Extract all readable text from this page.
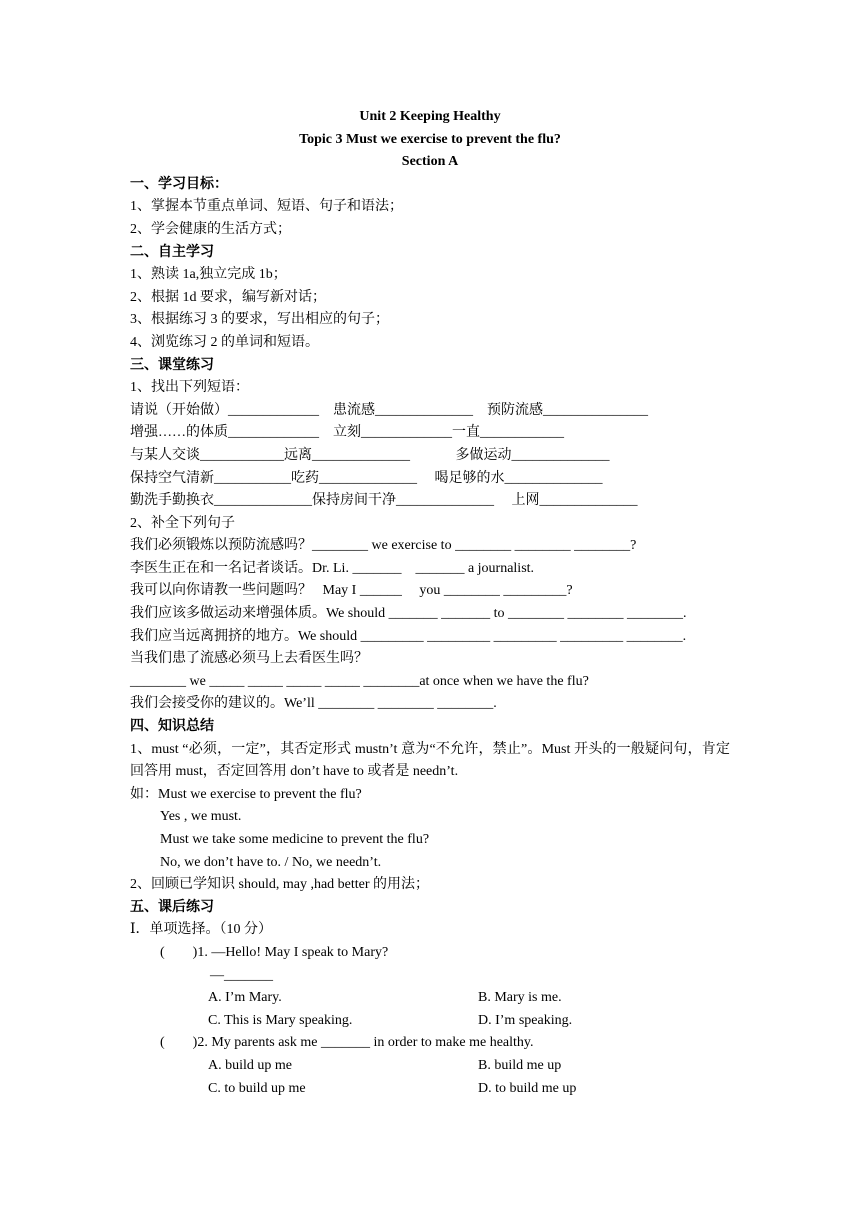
Unit 2 Keeping Healthy
Topic 3 Must we exercise to prevent the flu?
Section A
一、学习目标：
1、掌握本节重点单词、短语、句子和语法；
2、学会健康的生活方式；
二、自主学习
1、熟读 1a,独立完成 1b；
2、根据 1d 要求，编写新对话；
3、根据练习 3 的要求，写出相应的句子；
4、浏览练习 2 的单词和短语。
三、课堂练习
1、找出下列短语：
请说（开始做）_____________    患流感______________    预防流感_______________
增强……的体质_____________    立刻_____________一直____________
与某人交谈____________远离______________             多做运动______________
保持空气清新___________吃药______________     喝足够的水______________
勤洗手勤换衣______________保持房间干净______________     上网______________
2、补全下列句子
我们必须锻炼以预防流感吗？________ we exercise to ________ ________ ________?
李医生正在和一名记者谈话。Dr. Li. _______    _______ a journalist.
我可以向你请教一些问题吗？   May I ______     you ________ _________?
我们应该多做运动来增强体质。We should _______ _______ to ________ ________ ________.
我们应当远离拥挤的地方。We should _________ _________ _________ _________ ________.
当我们患了流感必须马上去看医生吗？
________ we _____ _____ _____ _____ ________at once when we have the flu?
我们会接受你的建议的。We’ll ________ ________ ________.
四、知识总结
1、must “必须，一定”，其否定形式 mustn’t 意为“不允许，禁止”。Must 开头的一般疑问句，肯定回答用 must，否定回答用 don’t have to 或者是 needn’t.
如：Must we exercise to prevent the flu?
Yes , we must.
Must we take some medicine to prevent the flu?
No, we don’t have to. / No, we needn’t.
2、回顾已学知识 should, may ,had better 的用法；
五、课后练习
Ⅰ．单项选择。（10 分）
(        )1. —Hello! May I speak to Mary?
—_______
A. I’m Mary.	B. Mary is me.
C. This is Mary speaking.	D. I’m speaking.
(        )2. My parents ask me _______ in order to make me healthy.
A. build up me	B. build me up
C. to build up me	D. to build me up
